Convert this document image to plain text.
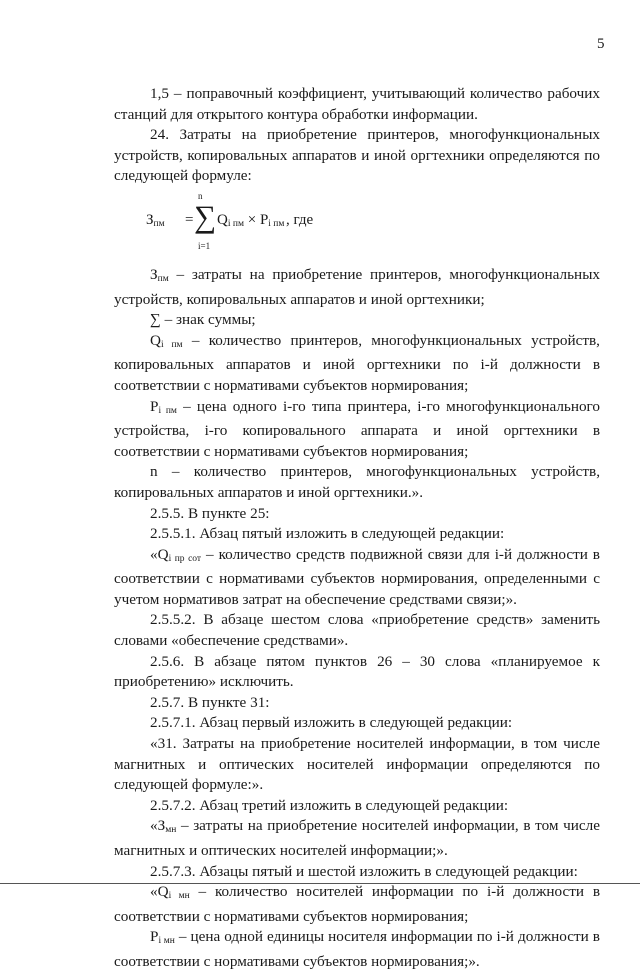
5

1,5 – поправочный коэффициент, учитывающий количество рабочих станций для открытого контура обработки информации.

24. Затраты на приобретение принтеров, многофункциональных устройств, копировальных аппаратов и иной оргтехники определяются по следующей формуле:

$З_{пм}$ =
n
∑
i=1
$Q_{i пм} \times P_{i пм}$ , где

$З_{пм}$ – затраты на приобретение принтеров, многофункциональных устройств, копировальных аппаратов и иной оргтехники;

∑ – знак суммы;

$Q_{i пм}$ – количество принтеров, многофункциональных устройств, копировальных аппаратов и иной оргтехники по i-й должности в соответствии с нормативами субъектов нормирования;

$P_{i пм}$ – цена одного i-го типа принтера, i-го многофункционального устройства, i-го копировального аппарата и иной оргтехники в соответствии с нормативами субъектов нормирования;

n – количество принтеров, многофункциональных устройств, копировальных аппаратов и иной оргтехники.».

2.5.5. В пункте 25:

2.5.5.1. Абзац пятый изложить в следующей редакции:

«$Q_{i пр сот}$ – количество средств подвижной связи для i-й должности в соответствии с нормативами субъектов нормирования, определенными с учетом нормативов затрат на обеспечение средствами связи;».

2.5.5.2. В абзаце шестом слова «приобретение средств» заменить словами «обеспечение средствами».

2.5.6. В абзаце пятом пунктов 26 – 30 слова «планируемое к приобретению» исключить.

2.5.7. В пункте 31:

2.5.7.1. Абзац первый изложить в следующей редакции:

«31. Затраты на приобретение носителей информации, в том числе магнитных и оптических носителей информации определяются по следующей формуле:».

2.5.7.2. Абзац третий изложить в следующей редакции:

«$З_{мн}$ – затраты на приобретение носителей информации, в том числе магнитных и оптических носителей информации;».

2.5.7.3. Абзацы пятый и шестой изложить в следующей редакции:

«$Q_{i мн}$ – количество носителей информации по i-й должности в соответствии с нормативами субъектов нормирования;

$P_{i мн}$ – цена одной единицы носителя информации по i-й должности в соответствии с нормативами субъектов нормирования;».
